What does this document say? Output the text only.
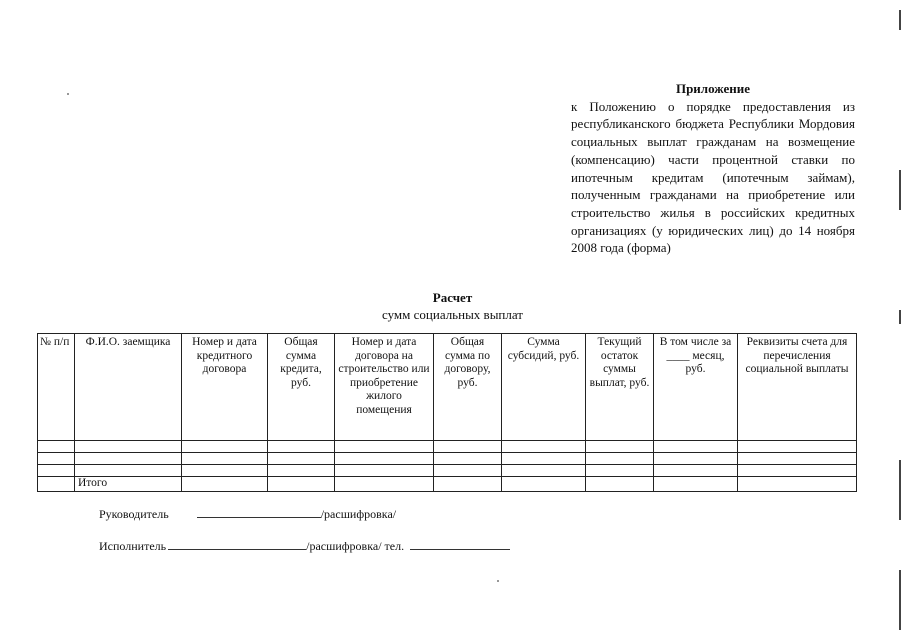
Приложение
к Положению о порядке предоставления из республиканского бюджета Республики Мордовия социальных выплат гражданам на возмещение (компенсацию) части процентной ставки по ипотечным кредитам (ипотечным займам), полученным гражданами на приобретение или строительство жилья в российских кредитных организациях (у юридических лиц) до 14 ноября 2008 года (форма)
Расчет
сумм социальных выплат
№ п/п	Ф.И.О. заемщика	Номер и дата кредитного договора	Общая сумма кредита, руб.	Номер и дата договора на строительство или приобретение жилого помещения	Общая сумма по договору, руб.	Сумма субсидий, руб.	Текущий остаток суммы выплат, руб.	В том числе за ____ месяц, руб.	Реквизиты счета для перечисления социальной выплаты

	Итого								
Руководитель	/расшифровка/
Исполнитель	/расшифровка/ тел.
